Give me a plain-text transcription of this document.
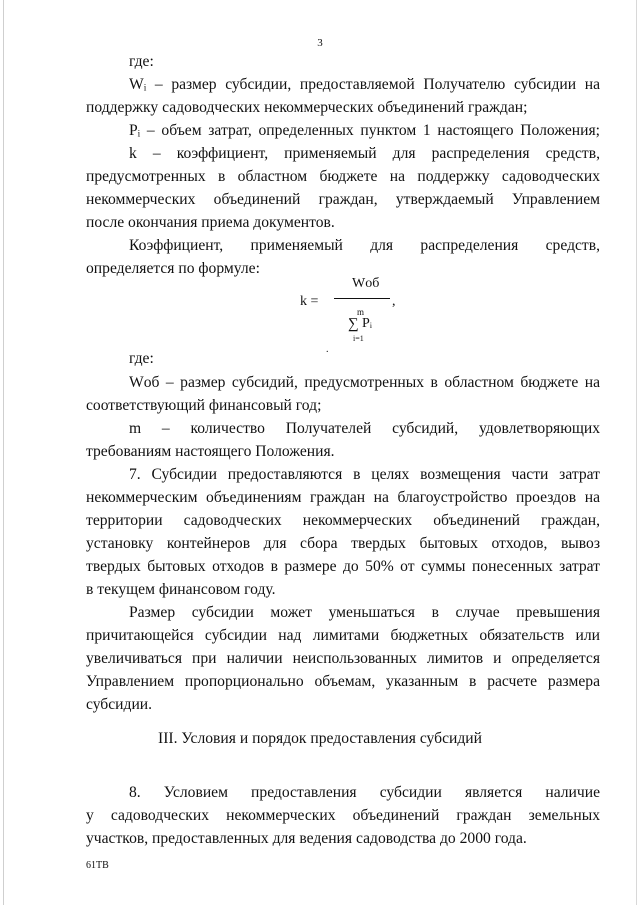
3
где:
Wᵢ – размер субсидии, предоставляемой Получателю субсидии на
поддержку садоводческих некоммерческих объединений граждан;
Pᵢ – объем затрат, определенных пунктом 1 настоящего Положения;
k – коэффициент, применяемый для распределения средств,
предусмотренных в областном бюджете на поддержку садоводческих
некоммерческих объединений граждан, утверждаемый Управлением
после окончания приема документов.
Коэффициент, применяемый для распределения средств,
определяется по формуле:
k =
Wоб
,
m
∑ Pᵢ
i=1
.
где:
Wоб – размер субсидий, предусмотренных в областном бюджете на
соответствующий финансовый год;
m – количество Получателей субсидий, удовлетворяющих
требованиям настоящего Положения.
7. Субсидии предоставляются в целях возмещения части затрат
некоммерческим объединениям граждан на благоустройство проездов на
территории садоводческих некоммерческих объединений граждан,
установку контейнеров для сбора твердых бытовых отходов, вывоз
твердых бытовых отходов в размере до 50% от суммы понесенных затрат
в текущем финансовом году.
Размер субсидии может уменьшаться в случае превышения
причитающейся субсидии над лимитами бюджетных обязательств или
увеличиваться при наличии неиспользованных лимитов и определяется
Управлением пропорционально объемам, указанным в расчете размера
субсидии.
III. Условия и порядок предоставления субсидий
8. Условием предоставления субсидии является наличие
у садоводческих некоммерческих объединений граждан земельных
участков, предоставленных для ведения садоводства до 2000 года.
61ТВ
